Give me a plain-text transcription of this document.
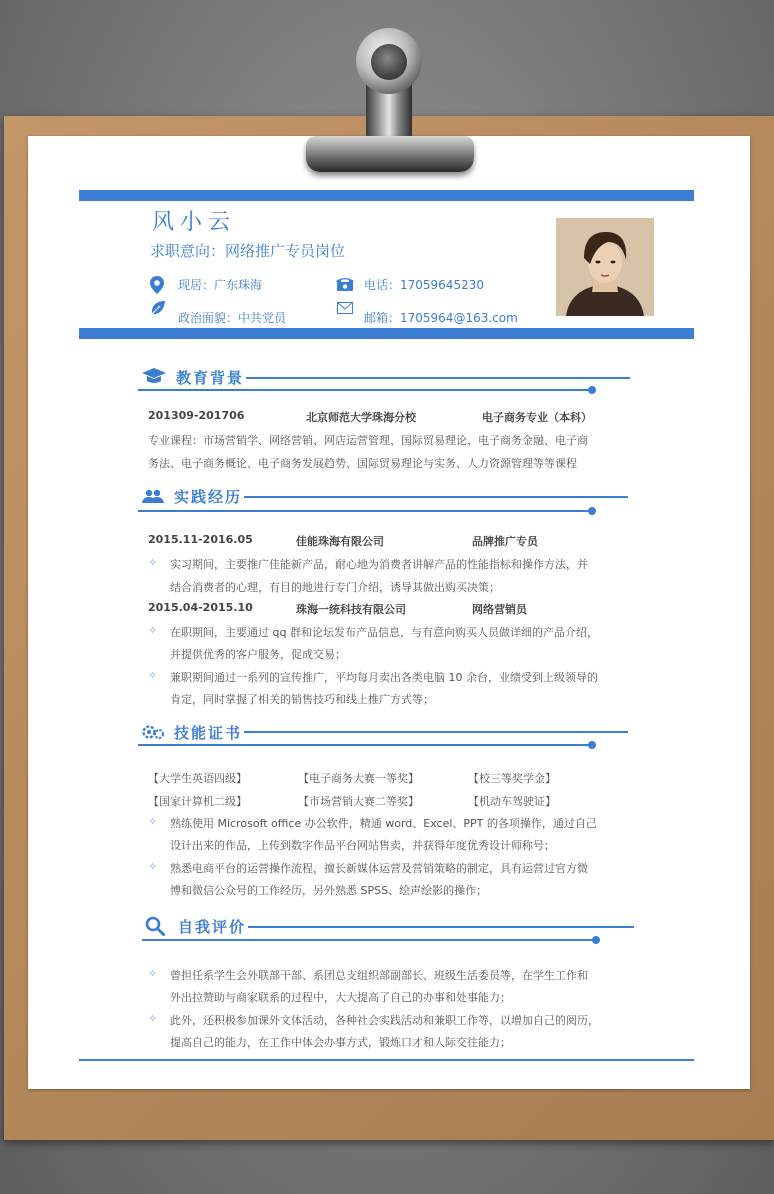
风小云
求职意向：网络推广专员岗位
现居：广东珠海	电话：17059645230
政治面貌：中共党员	邮箱：1705964@163.com
教育背景
201309-201706	北京师范大学珠海分校	电子商务专业（本科）
专业课程：市场营销学、网络营销、网店运营管理、国际贸易理论、电子商务金融、电子商
务法、电子商务概论、电子商务发展趋势、国际贸易理论与实务、人力资源管理等等课程
实践经历
2015.11-2016.05	佳能珠海有限公司	品牌推广专员
✧ 实习期间，主要推广佳能新产品，耐心地为消费者讲解产品的性能指标和操作方法，并
结合消费者的心理，有目的地进行专门介绍，诱导其做出购买决策；
2015.04-2015.10	珠海一统科技有限公司	网络营销员
✧ 在职期间，主要通过 qq 群和论坛发布产品信息，与有意向购买人员做详细的产品介绍，
并提供优秀的客户服务，促成交易；
✧ 兼职期间通过一系列的宣传推广，平均每月卖出各类电脑 10 余台，业绩受到上级领导的
肯定，同时掌握了相关的销售技巧和线上推广方式等；
技能证书
【大学生英语四级】	【电子商务大赛一等奖】	【校三等奖学金】
【国家计算机二级】	【市场营销大赛二等奖】	【机动车驾驶证】
✧ 熟练使用 Microsoft office 办公软件，精通 word、Excel、PPT 的各项操作，通过自己
设计出来的作品，上传到数字作品平台网站售卖，并获得年度优秀设计师称号；
✧ 熟悉电商平台的运营操作流程，擅长新媒体运营及营销策略的制定，具有运营过官方微
博和微信公众号的工作经历，另外熟悉 SPSS、绘声绘影的操作；
自我评价
✧ 曾担任系学生会外联部干部、系团总支组织部副部长、班级生活委员等，在学生工作和
外出拉赞助与商家联系的过程中，大大提高了自己的办事和处事能力；
✧ 此外，还积极参加课外文体活动，各种社会实践活动和兼职工作等，以增加自己的阅历，
提高自己的能力，在工作中体会办事方式，锻炼口才和人际交往能力；
